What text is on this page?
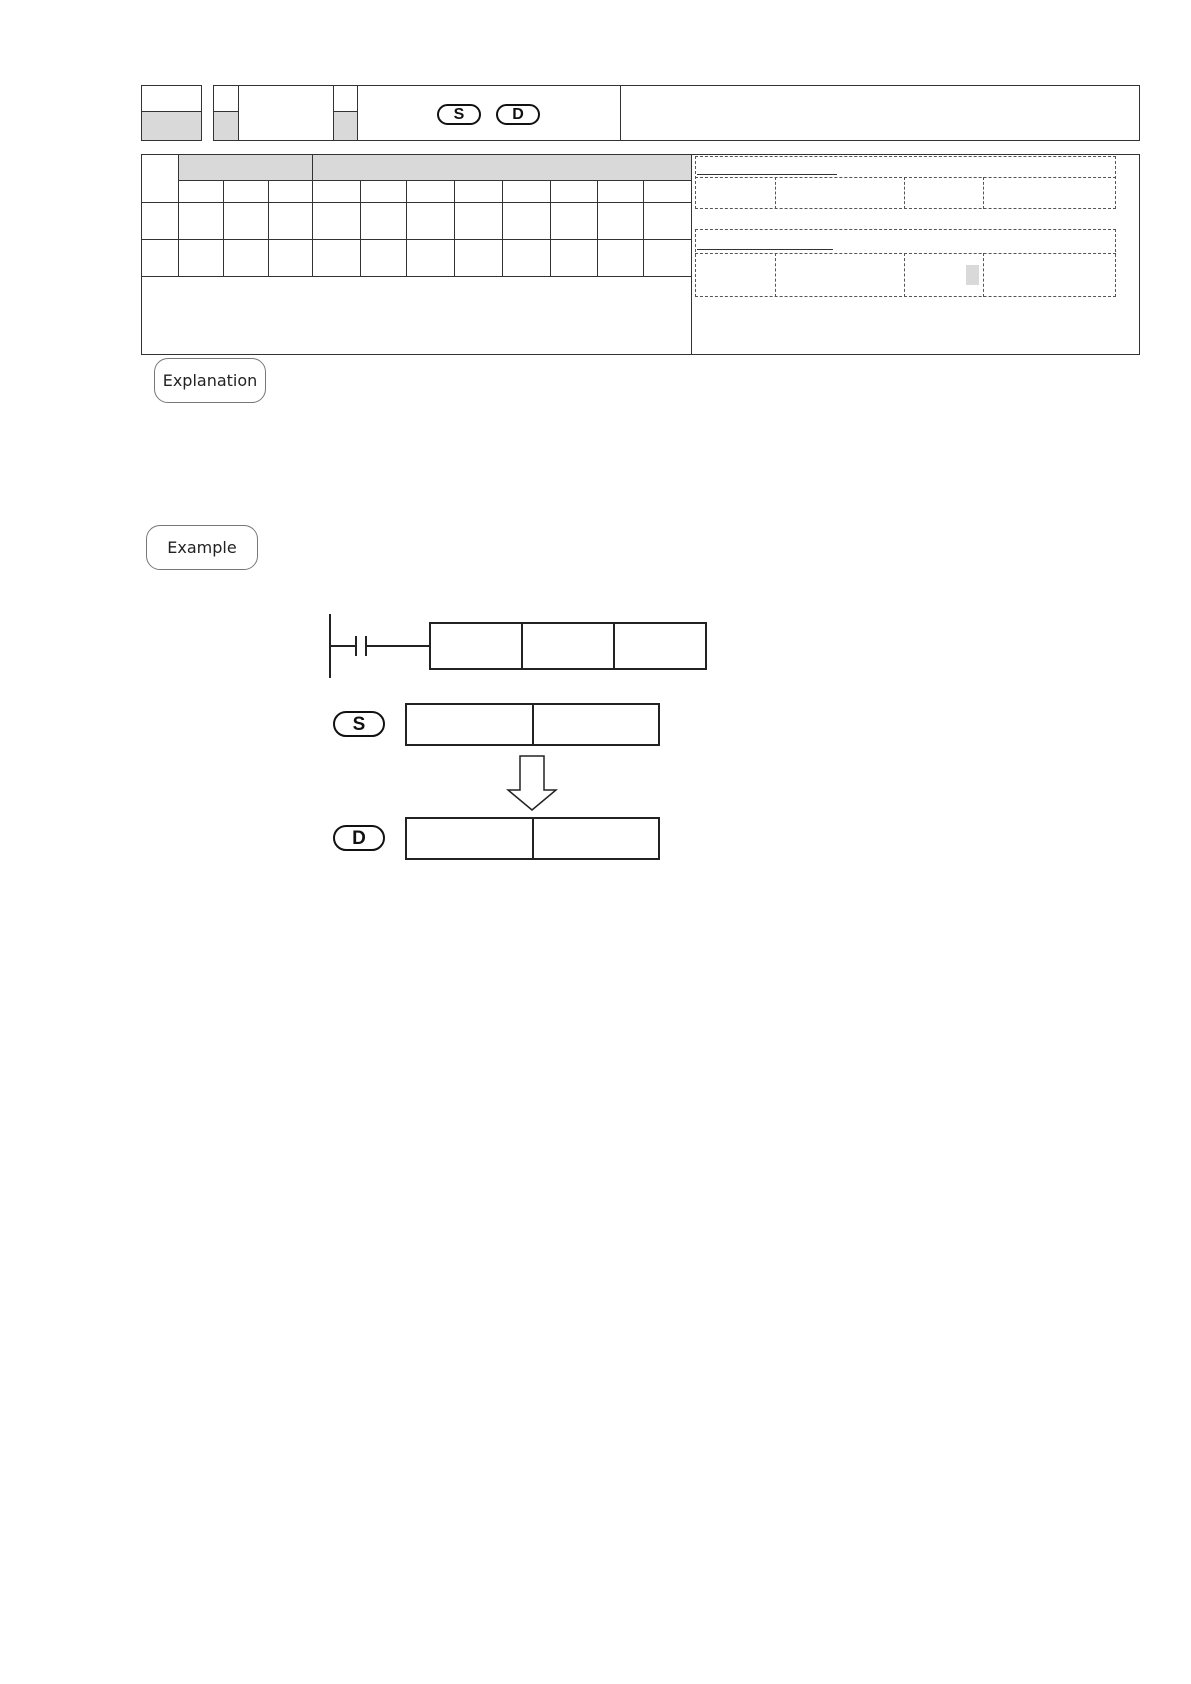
S	D
Explanation
Example
S
D
